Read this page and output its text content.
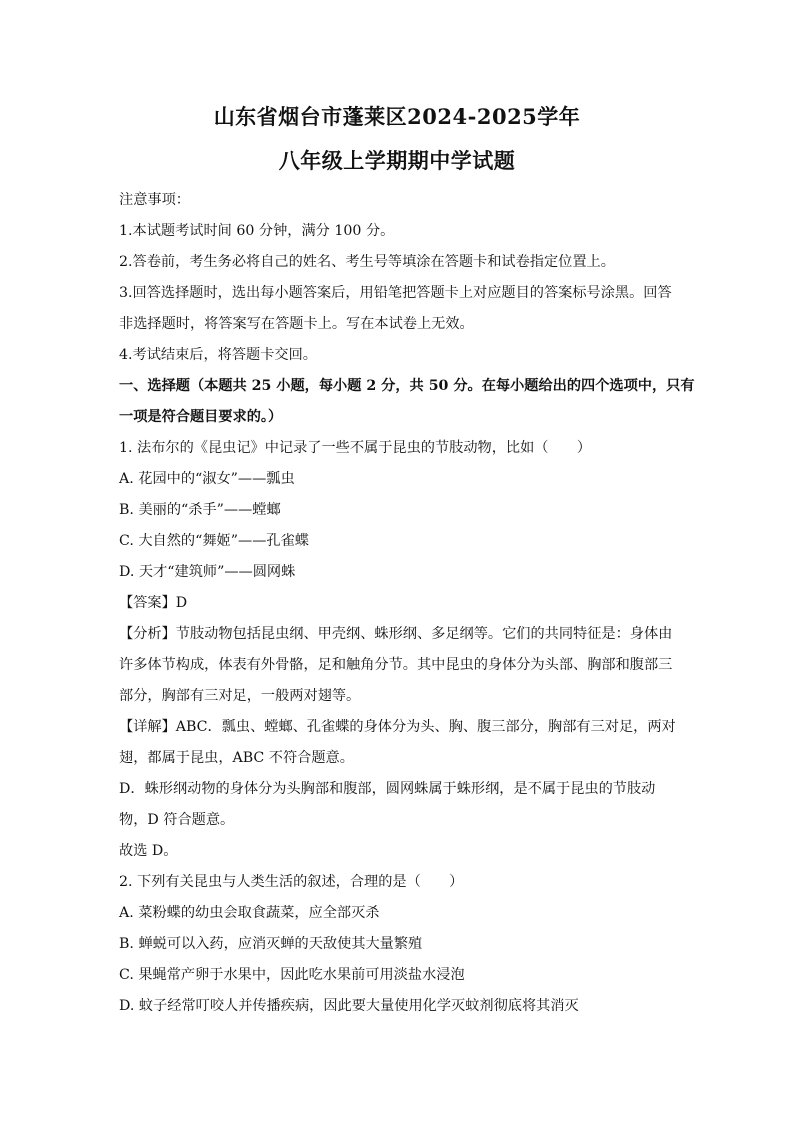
山东省烟台市蓬莱区2024-2025学年
八年级上学期期中学试题
注意事项：
1.本试题考试时间 60 分钟，满分 100 分。
2.答卷前，考生务必将自己的姓名、考生号等填涂在答题卡和试卷指定位置上。
3.回答选择题时，选出每小题答案后，用铅笔把答题卡上对应题目的答案标号涂黑。回答
非选择题时，将答案写在答题卡上。写在本试卷上无效。
4.考试结束后，将答题卡交回。
一、选择题（本题共 25 小题，每小题 2 分，共 50 分。在每小题给出的四个选项中，只有
一项是符合题目要求的。）
1. 法布尔的《昆虫记》中记录了一些不属于昆虫的节肢动物，比如（　　）
A. 花园中的“淑女”——瓢虫
B. 美丽的“杀手”——螳螂
C. 大自然的“舞姬”——孔雀蝶
D. 天才“建筑师”——圆网蛛
【答案】D
【分析】节肢动物包括昆虫纲、甲壳纲、蛛形纲、多足纲等。它们的共同特征是：身体由
许多体节构成，体表有外骨骼，足和触角分节。其中昆虫的身体分为头部、胸部和腹部三
部分，胸部有三对足，一般两对翅等。
【详解】ABC．瓢虫、螳螂、孔雀蝶的身体分为头、胸、腹三部分，胸部有三对足，两对
翅，都属于昆虫，ABC 不符合题意。
D．蛛形纲动物的身体分为头胸部和腹部，圆网蛛属于蛛形纲，是不属于昆虫的节肢动
物，D 符合题意。
故选 D。
2. 下列有关昆虫与人类生活的叙述，合理的是（　　）
A. 菜粉蝶的幼虫会取食蔬菜，应全部灭杀
B. 蝉蜕可以入药，应消灭蝉的天敌使其大量繁殖
C. 果蝇常产卵于水果中，因此吃水果前可用淡盐水浸泡
D. 蚊子经常叮咬人并传播疾病，因此要大量使用化学灭蚊剂彻底将其消灭
